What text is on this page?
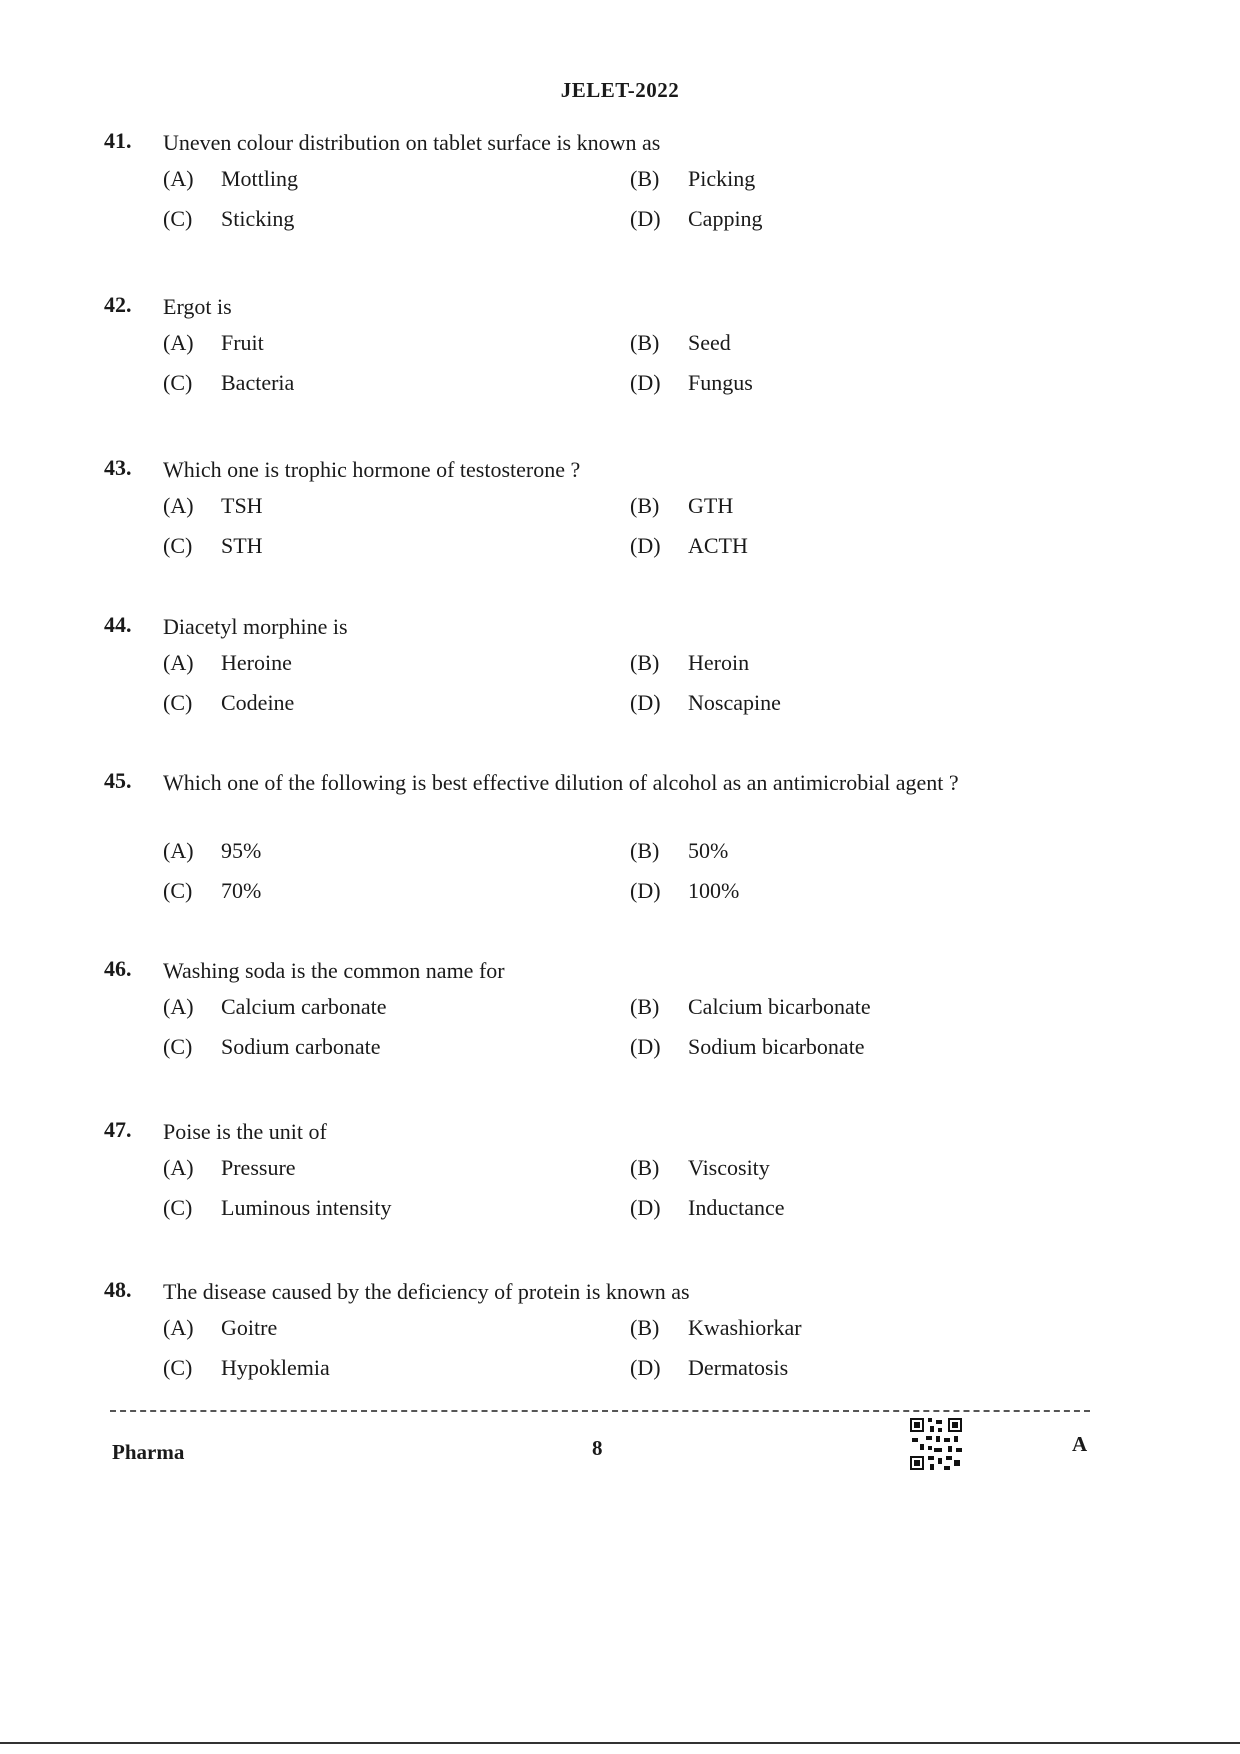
JELET-2022
41. Uneven colour distribution on tablet surface is known as
(A) Mottling	(B) Picking
(C) Sticking	(D) Capping
42. Ergot is
(A) Fruit	(B) Seed
(C) Bacteria	(D) Fungus
43. Which one is trophic hormone of testosterone ?
(A) TSH	(B) GTH
(C) STH	(D) ACTH
44. Diacetyl morphine is
(A) Heroine	(B) Heroin
(C) Codeine	(D) Noscapine
45. Which one of the following is best effective dilution of alcohol as an antimicrobial agent ?
(A) 95%	(B) 50%
(C) 70%	(D) 100%
46. Washing soda is the common name for
(A) Calcium carbonate	(B) Calcium bicarbonate
(C) Sodium carbonate	(D) Sodium bicarbonate
47. Poise is the unit of
(A) Pressure	(B) Viscosity
(C) Luminous intensity	(D) Inductance
48. The disease caused by the deficiency of protein is known as
(A) Goitre	(B) Kwashiorkar
(C) Hypoklemia	(D) Dermatosis
Pharma	8	A
